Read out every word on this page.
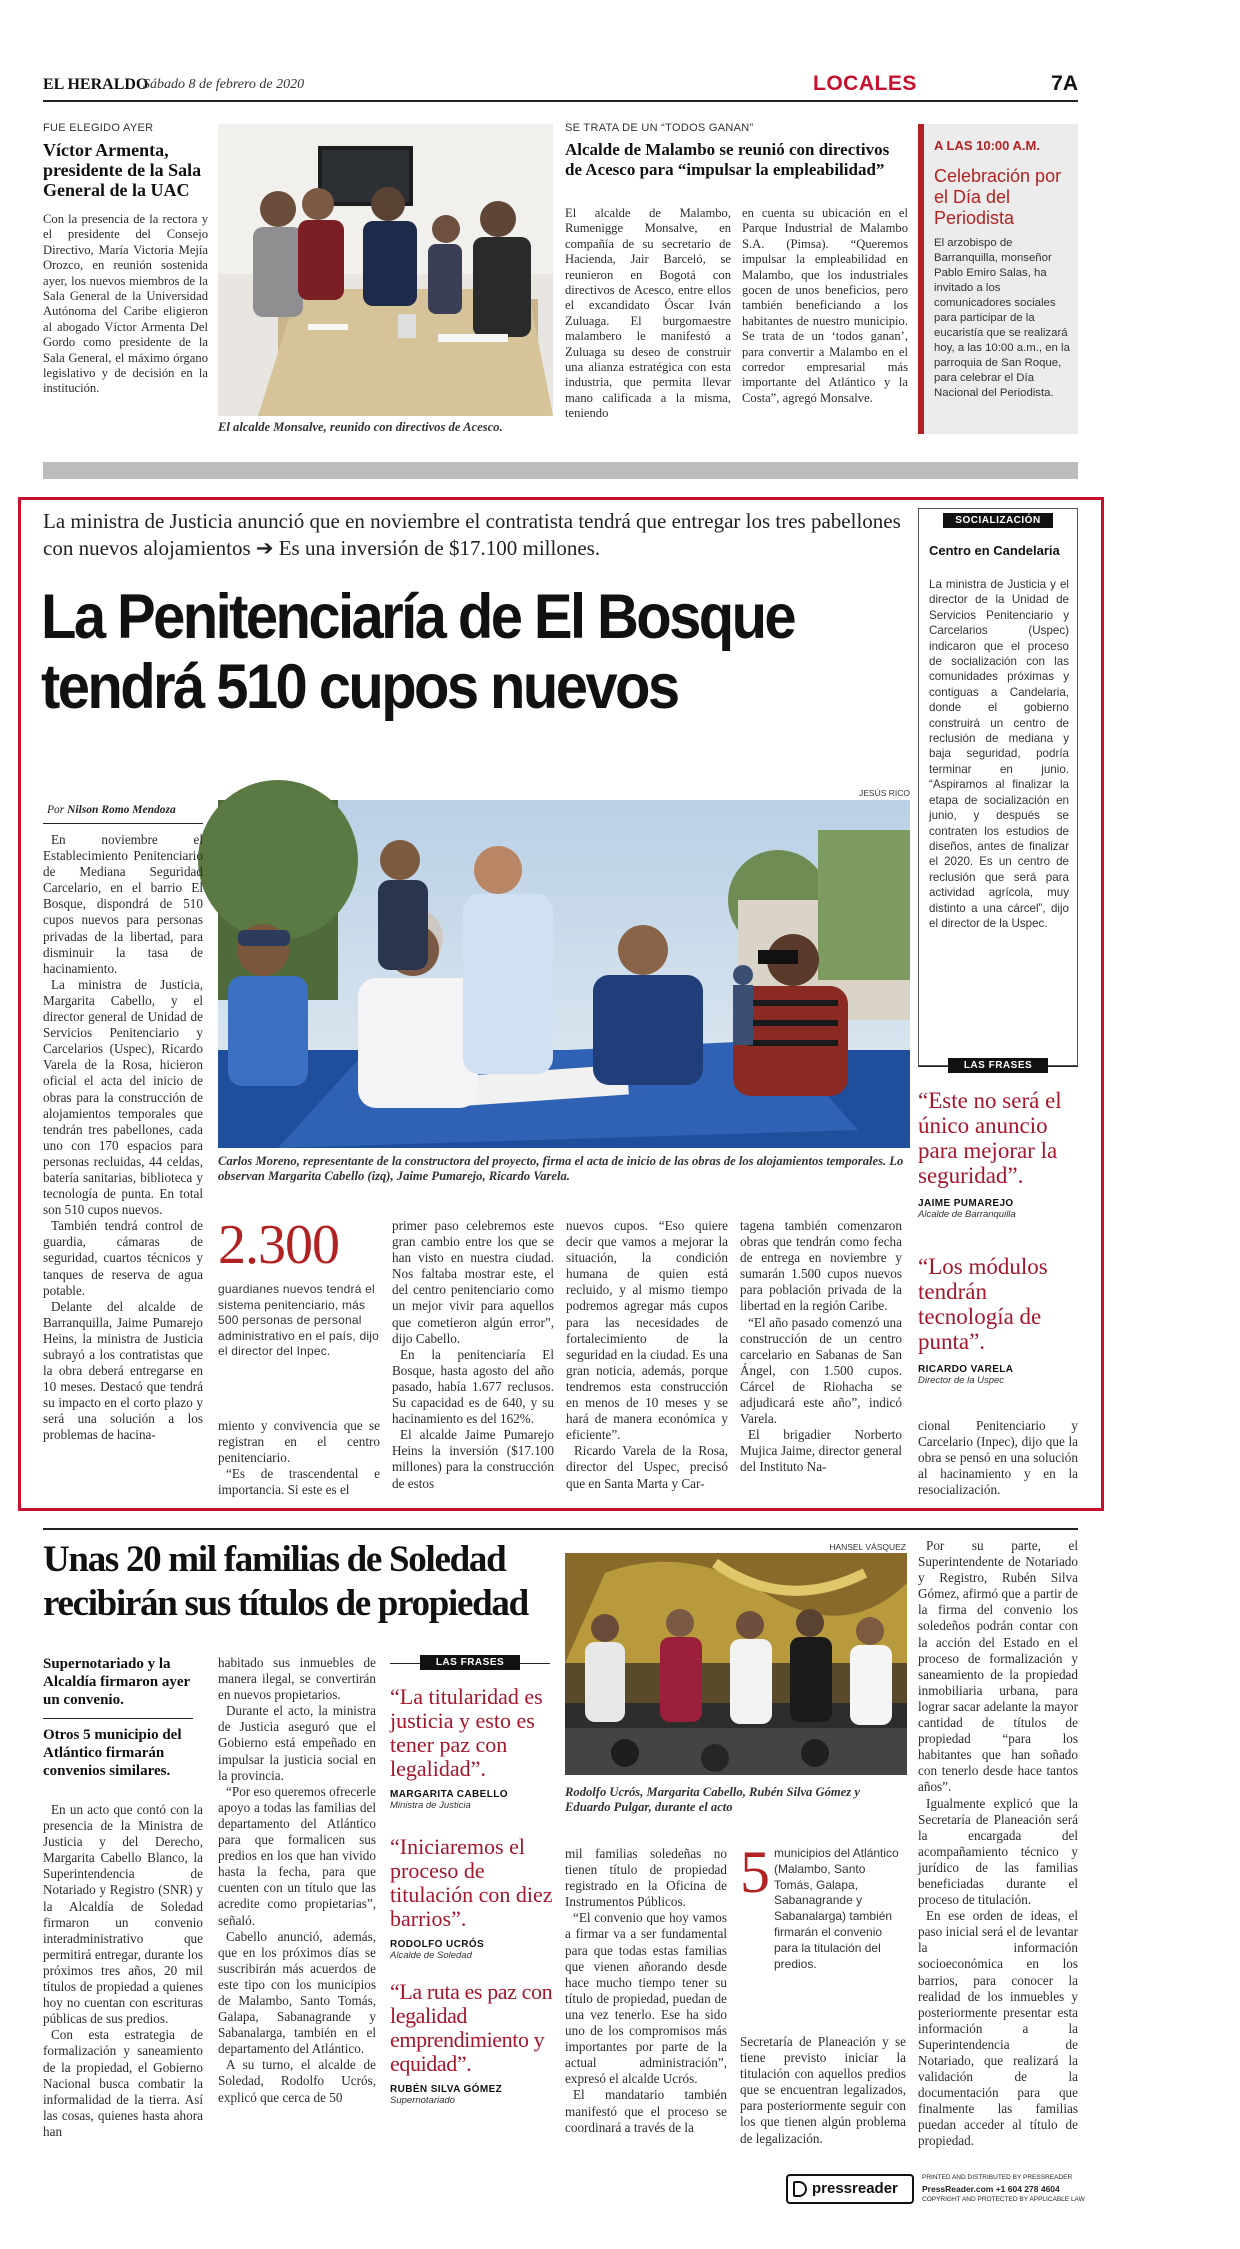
EL HERALDO
Sábado 8 de febrero de 2020	LOCALES	7A
FUE ELEGIDO AYER
Víctor Armenta, presidente de la Sala General de la UAC
Con la presencia de la rectora y el presidente del Consejo Directivo, María Victoria Mejía Orozco, en reunión sostenida ayer, los nuevos miembros de la Sala General de la Universidad Autónoma del Caribe eligieron al abogado Víctor Armenta Del Gordo como presidente de la Sala General, el máximo órgano legislativo y de decisión en la institución.
El alcalde Monsalve, reunido con directivos de Acesco.
SE TRATA DE UN “TODOS GANAN”
Alcalde de Malambo se reunió con directivos de Acesco para “impulsar la empleabilidad”
El alcalde de Malambo, Rumenigge Monsalve, en compañía de su secretario de Hacienda, Jair Barceló, se reunieron en Bogotá con directivos de Acesco, entre ellos el excandidato Óscar Iván Zuluaga. El burgomaestre malambero le manifestó a Zuluaga su deseo de construir una alianza estratégica con esta industria, que permita llevar mano calificada a la misma, teniendo
en cuenta su ubicación en el Parque Industrial de Malambo S.A. (Pimsa). “Queremos impulsar la empleabilidad en Malambo, que los industriales gocen de unos beneficios, pero también beneficiando a los habitantes de nuestro municipio. Se trata de un ‘todos ganan’, para convertir a Malambo en el corredor empresarial más importante del Atlántico y la Costa”, agregó Monsalve.
A LAS 10:00 A.M.
Celebración por el Día del Periodista
El arzobispo de Barranquilla, monseñor Pablo Emiro Salas, ha invitado a los comunicadores sociales para participar de la eucaristía que se realizará hoy, a las 10:00 a.m., en la parroquia de San Roque, para celebrar el Día Nacional del Periodista.
La ministra de Justicia anunció que en noviembre el contratista tendrá que entregar los tres pabellones con nuevos alojamientos ➔ Es una inversión de $17.100 millones.
La Penitenciaría de El Bosque tendrá 510 cupos nuevos
Por Nilson Romo Mendoza
JESÚS RICO
Carlos Moreno, representante de la constructora del proyecto, firma el acta de inicio de las obras de los alojamientos temporales. Lo observan Margarita Cabello (izq), Jaime Pumarejo, Ricardo Varela.

En noviembre el Establecimiento Penitenciario de Mediana Seguridad Carcelario, en el barrio El Bosque, dispondrá de 510 cupos nuevos para personas privadas de la libertad, para disminuir la tasa de hacinamiento.

La ministra de Justicia, Margarita Cabello, y el director general de Unidad de Servicios Penitenciario y Carcelarios (Uspec), Ricardo Varela de la Rosa, hicieron oficial el acta del inicio de obras para la construcción de alojamientos temporales que tendrán tres pabellones, cada uno con 170 espacios para personas recluidas, 44 celdas, batería sanitarias, biblioteca y tecnología de punta. En total son 510 cupos nuevos.

También tendrá control de guardia, cámaras de seguridad, cuartos técnicos y tanques de reserva de agua potable.

Delante del alcalde de Barranquilla, Jaime Pumarejo Heins, la ministra de Justicia subrayó a los contratistas que la obra deberá entregarse en 10 meses. Destacó que tendrá su impacto en el corto plazo y será una solución a los problemas de hacina-

2.300
guardianes nuevos tendrá el sistema penitenciario, más 500 personas de personal administrativo en el país, dijo el director del Inpec.

miento y convivencia que se registran en el centro penitenciario.

“Es de trascendental e importancia. Si este es el

primer paso celebremos este gran cambio entre los que se han visto en nuestra ciudad. Nos faltaba mostrar este, el del centro penitenciario como un mejor vivir para aquellos que cometieron algún error”, dijo Cabello.

En la penitenciaría El Bosque, hasta agosto del año pasado, había 1.677 reclusos. Su capacidad es de 640, y su hacinamiento es del 162%.

El alcalde Jaime Pumarejo Heins la inversión ($17.100 millones) para la construcción de estos

nuevos cupos. “Eso quiere decir que vamos a mejorar la situación, la condición humana de quien está recluido, y al mismo tiempo podremos agregar más cupos para las necesidades de fortalecimiento de la seguridad en la ciudad. Es una gran noticia, además, porque tendremos esta construcción en menos de 10 meses y se hará de manera económica y eficiente”.

Ricardo Varela de la Rosa, director del Uspec, precisó que en Santa Marta y Car-

tagena también comenzaron obras que tendrán como fecha de entrega en noviembre y sumarán 1.500 cupos nuevos para población privada de la libertad en la región Caribe.

“El año pasado comenzó una construcción de un centro carcelario en Sabanas de San Ángel, con 1.500 cupos. Cárcel de Riohacha se adjudicará este año”, indicó Varela.

El brigadier Norberto Mujica Jaime, director general del Instituto Na-

cional Penitenciario y Carcelario (Inpec), dijo que la obra se pensó en una solución al hacinamiento y en la resocialización.

SOCIALIZACIÓN
Centro en Candelaria
La ministra de Justicia y el director de la Unidad de Servicios Penitenciario y Carcelarios (Uspec) indicaron que el proceso de socialización con las comunidades próximas y contiguas a Candelaria, donde el gobierno construirá un centro de reclusión de mediana y baja seguridad, podría terminar en junio. “Aspiramos al finalizar la etapa de socialización en junio, y después se contraten los estudios de diseños, antes de finalizar el 2020. Es un centro de reclusión que será para actividad agrícola, muy distinto a una cárcel”, dijo el director de la Uspec.
LAS FRASES
“Este no será el único anuncio para mejorar la seguridad”.
JAIME PUMAREJO
Alcalde de Barranquilla
“Los módulos tendrán tecnología de punta”.
RICARDO VARELA
Director de la Uspec
Unas 20 mil familias de Soledad recibirán sus títulos de propiedad
HANSEL VÁSQUEZ
Supernotariado y la Alcaldía firmaron ayer un convenio.
Otros 5 municipio del Atlántico firmarán convenios similares.

En un acto que contó con la presencia de la Ministra de Justicia y del Derecho, Margarita Cabello Blanco, la Superintendencia de Notariado y Registro (SNR) y la Alcaldía de Soledad firmaron un convenio interadministrativo que permitirá entregar, durante los próximos tres años, 20 mil títulos de propiedad a quienes hoy no cuentan con escrituras públicas de sus predios.

Con esta estrategia de formalización y saneamiento de la propiedad, el Gobierno Nacional busca combatir la informalidad de la tierra. Así las cosas, quienes hasta ahora han

habitado sus inmuebles de manera ilegal, se convertirán en nuevos propietarios.

Durante el acto, la ministra de Justicia aseguró que el Gobierno está empeñado en impulsar la justicia social en la provincia.

“Por eso queremos ofrecerle apoyo a todas las familias del departamento del Atlántico para que formalicen sus predios en los que han vivido hasta la fecha, para que cuenten con un título que las acredite como propietarias”, señaló.

Cabello anunció, además, que en los próximos días se suscribirán más acuerdos de este tipo con los municipios de Malambo, Santo Tomás, Galapa, Sabanagrande y Sabanalarga, también en el departamento del Atlántico.

A su turno, el alcalde de Soledad, Rodolfo Ucrós, explicó que cerca de 50

LAS FRASES
“La titularidad es justicia y esto es tener paz con legalidad”.
MARGARITA CABELLO
Ministra de Justicia
“Iniciaremos el proceso de titulación con diez barrios”.
RODOLFO UCRÓS
Alcalde de Soledad
“La ruta es paz con legalidad emprendimiento y equidad”.
RUBÉN SILVA GÓMEZ
Supernotariado
Rodolfo Ucrós, Margarita Cabello, Rubén Silva Gómez y Eduardo Pulgar, durante el acto

mil familias soledeñas no tienen título de propiedad registrado en la Oficina de Instrumentos Públicos.

“El convenio que hoy vamos a firmar va a ser fundamental para que todas estas familias que vienen añorando desde hace mucho tiempo tener su título de propiedad, puedan de una vez tenerlo. Ese ha sido uno de los compromisos más importantes por parte de la actual administración”, expresó el alcalde Ucrós.

El mandatario también manifestó que el proceso se coordinará a través de la

5 municipios del Atlántico (Malambo, Santo Tomás, Galapa, Sabanagrande y Sabanalarga) también firmarán el convenio para la titulación del predios.

Secretaría de Planeación y se tiene previsto iniciar la titulación con aquellos predios que se encuentran legalizados, para posteriormente seguir con los que tienen algún problema de legalización.

Por su parte, el Superintendente de Notariado y Registro, Rubén Silva Gómez, afirmó que a partir de la firma del convenio los soledeños podrán contar con la acción del Estado en el proceso de formalización y saneamiento de la propiedad inmobiliaria urbana, para lograr sacar adelante la mayor cantidad de títulos de propiedad “para los habitantes que han soñado con tenerlo desde hace tantos años”.

Igualmente explicó que la Secretaría de Planeación será la encargada del acompañamiento técnico y jurídico de las familias beneficiadas durante el proceso de titulación.

En ese orden de ideas, el paso inicial será el de levantar la información socioeconómica en los barrios, para conocer la realidad de los inmuebles y posteriormente presentar esta información a la Superintendencia de Notariado, que realizará la validación de la documentación para que finalmente las familias puedan acceder al título de propiedad.

pressreader
PRINTED AND DISTRIBUTED BY PRESSREADER
PressReader.com +1 604 278 4604
COPYRIGHT AND PROTECTED BY APPLICABLE LAW
